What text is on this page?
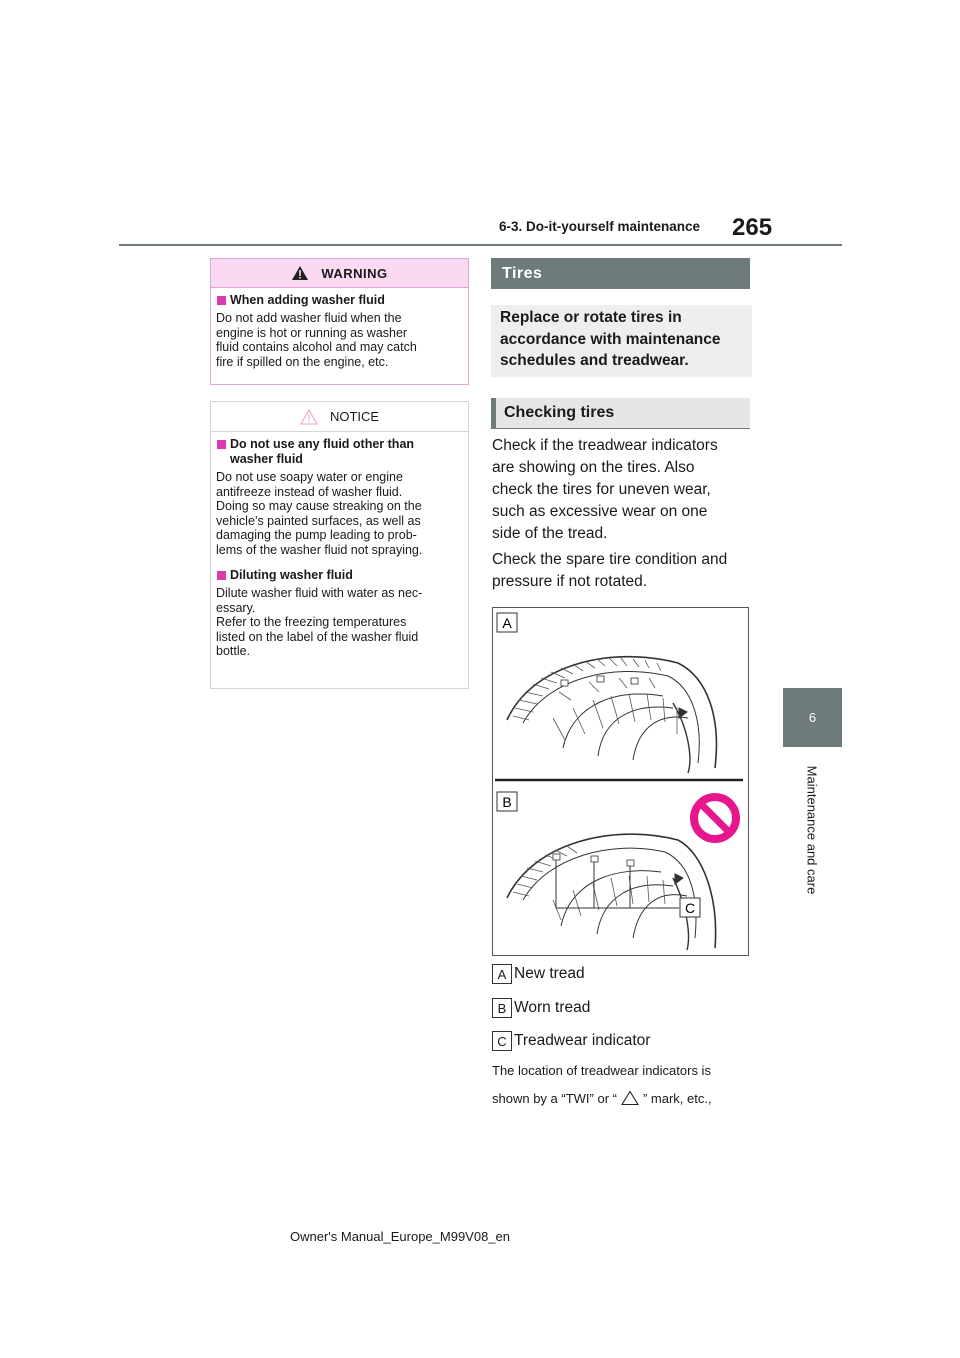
6-3. Do-it-yourself maintenance 265
6
Maintenance and care
WARNING
When adding washer fluid
Do not add washer fluid when the
engine is hot or running as washer
fluid contains alcohol and may catch
fire if spilled on the engine, etc.
NOTICE
Do not use any fluid other than
washer fluid
Do not use soapy water or engine
antifreeze instead of washer fluid.
Doing so may cause streaking on the
vehicle’s painted surfaces, as well as
damaging the pump leading to prob-
lems of the washer fluid not spraying.
Diluting washer fluid
Dilute washer fluid with water as nec-
essary.
Refer to the freezing temperatures
listed on the label of the washer fluid
bottle.
Tires
Replace or rotate tires in
accordance with maintenance
schedules and treadwear.
Checking tires
Check if the treadwear indicators
are showing on the tires. Also
check the tires for uneven wear,
such as excessive wear on one
side of the tread.
Check the spare tire condition and
pressure if not rotated.
A
B
C
A New tread
B Worn tread
C Treadwear indicator
The location of treadwear indicators is
shown by a “TWI” or “ ” mark, etc.,
Owner's Manual_Europe_M99V08_en
